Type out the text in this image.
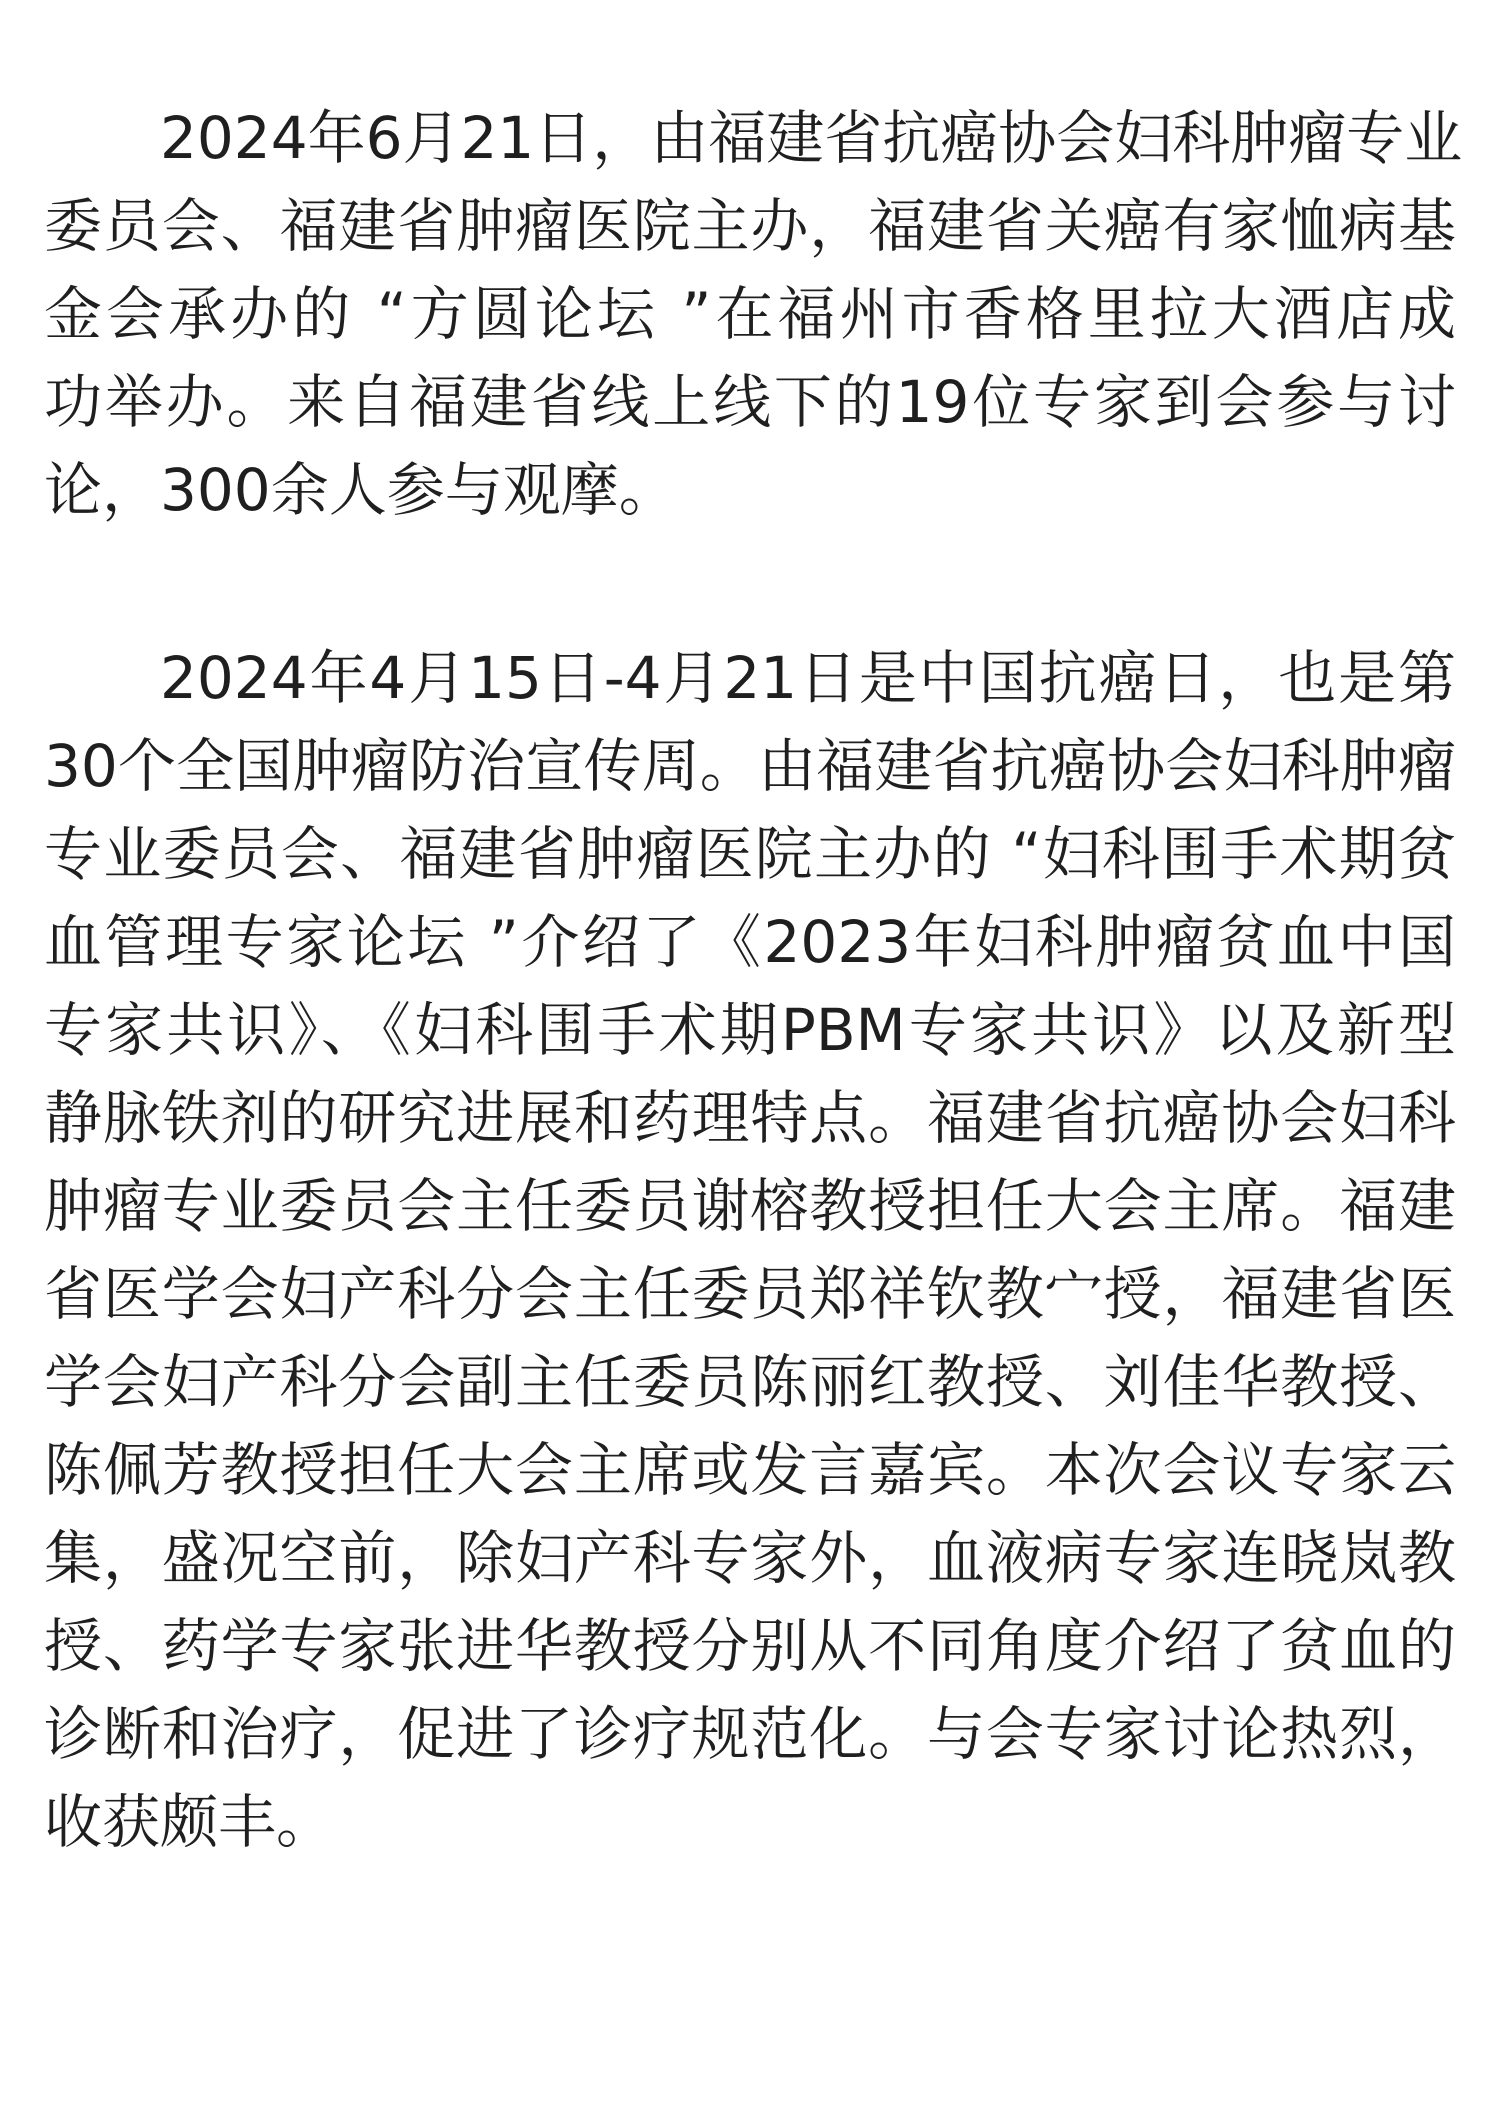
2024年6月21日，由福建省抗癌协会妇科肿瘤专业
委员会、福建省肿瘤医院主办，福建省关癌有家恤病基
金会承办的 “方圆论坛 ”在福州市香格里拉大酒店成
功举办。来自福建省线上线下的19位专家到会参与讨
论，300余人参与观摩。
2024年4月15日-4月21日是中国抗癌日，也是第
30个全国肿瘤防治宣传周。由福建省抗癌协会妇科肿瘤
专业委员会、福建省肿瘤医院主办的 “妇科围手术期贫
血管理专家论坛 ”介绍了《2023年妇科肿瘤贫血中国
专家共识》、《妇科围手术期PBM专家共识》以及新型
静脉铁剂的研究进展和药理特点。福建省抗癌协会妇科
肿瘤专业委员会主任委员谢榕教授担任大会主席。福建
省医学会妇产科分会主任委员郑祥钦教宀授，福建省医
学会妇产科分会副主任委员陈丽红教授、刘佳华教授、
陈佩芳教授担任大会主席或发言嘉宾。本次会议专家云
集，盛况空前，除妇产科专家外，血液病专家连晓岚教
授、药学专家张进华教授分别从不同角度介绍了贫血的
诊断和治疗，促进了诊疗规范化。与会专家讨论热烈，
收获颇丰。
